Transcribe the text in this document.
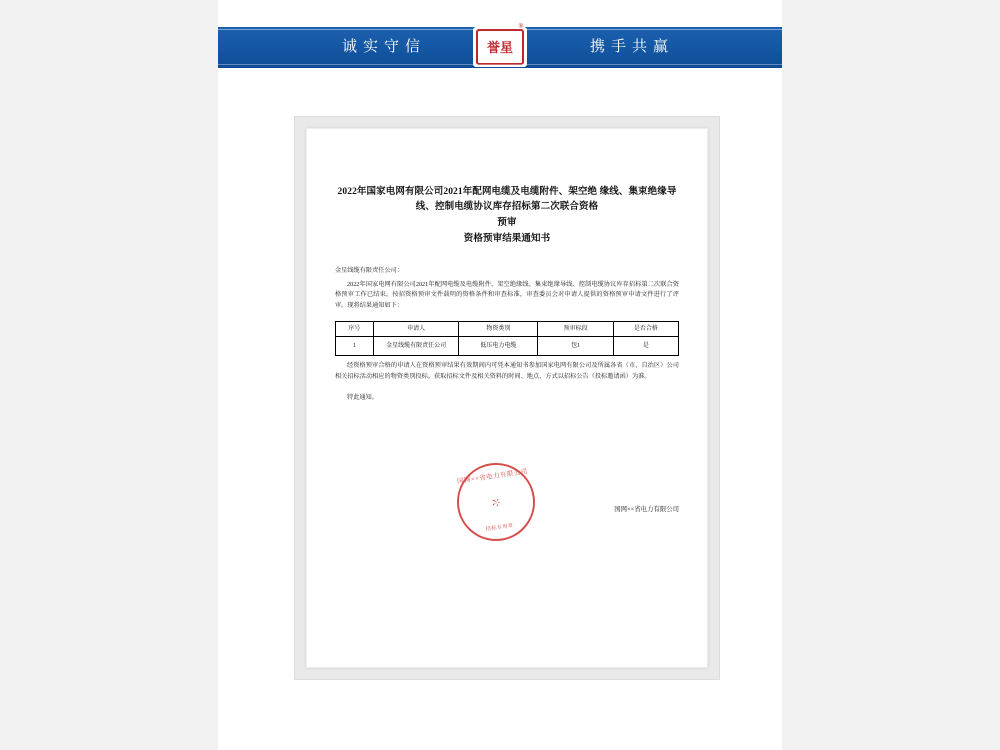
诚实守信	携手共赢
誉星
®
2022年国家电网有限公司2021年配网电缆及电缆附件、架空绝 缘线、集束绝缘导线、控制电缆协议库存招标第二次联合资格
预审
资格预审结果通知书
金星线缆有限责任公司：
2022年国家电网有限公司2021年配网电缆及电缆附件、架空绝缘线、集束绝缘导线、控制电缆协议库存招标第二次联合资格预审工作已结束。按招资格预审文件载明的资格条件和审查标准，审查委员会对申请人提供的资格预审申请文件进行了评审。现将结果通知如下：
序号	申请人	物资类别	预审标段	是否合格
1	金星线缆有限责任公司	低压电力电缆	包1	是
经资格预审合格的申请人在资格预审结果有效期间内可凭本通知书参加国家电网有限公司及所属各省（市、自治区）公司相关招标活动相应的物资类别投标。获取招标文件及相关资料的时间、地点、方式以招标公告（投标邀请函）为准。
特此通知。
国网××省电力有限公司
招标专用章
国网××省电力有限公司
